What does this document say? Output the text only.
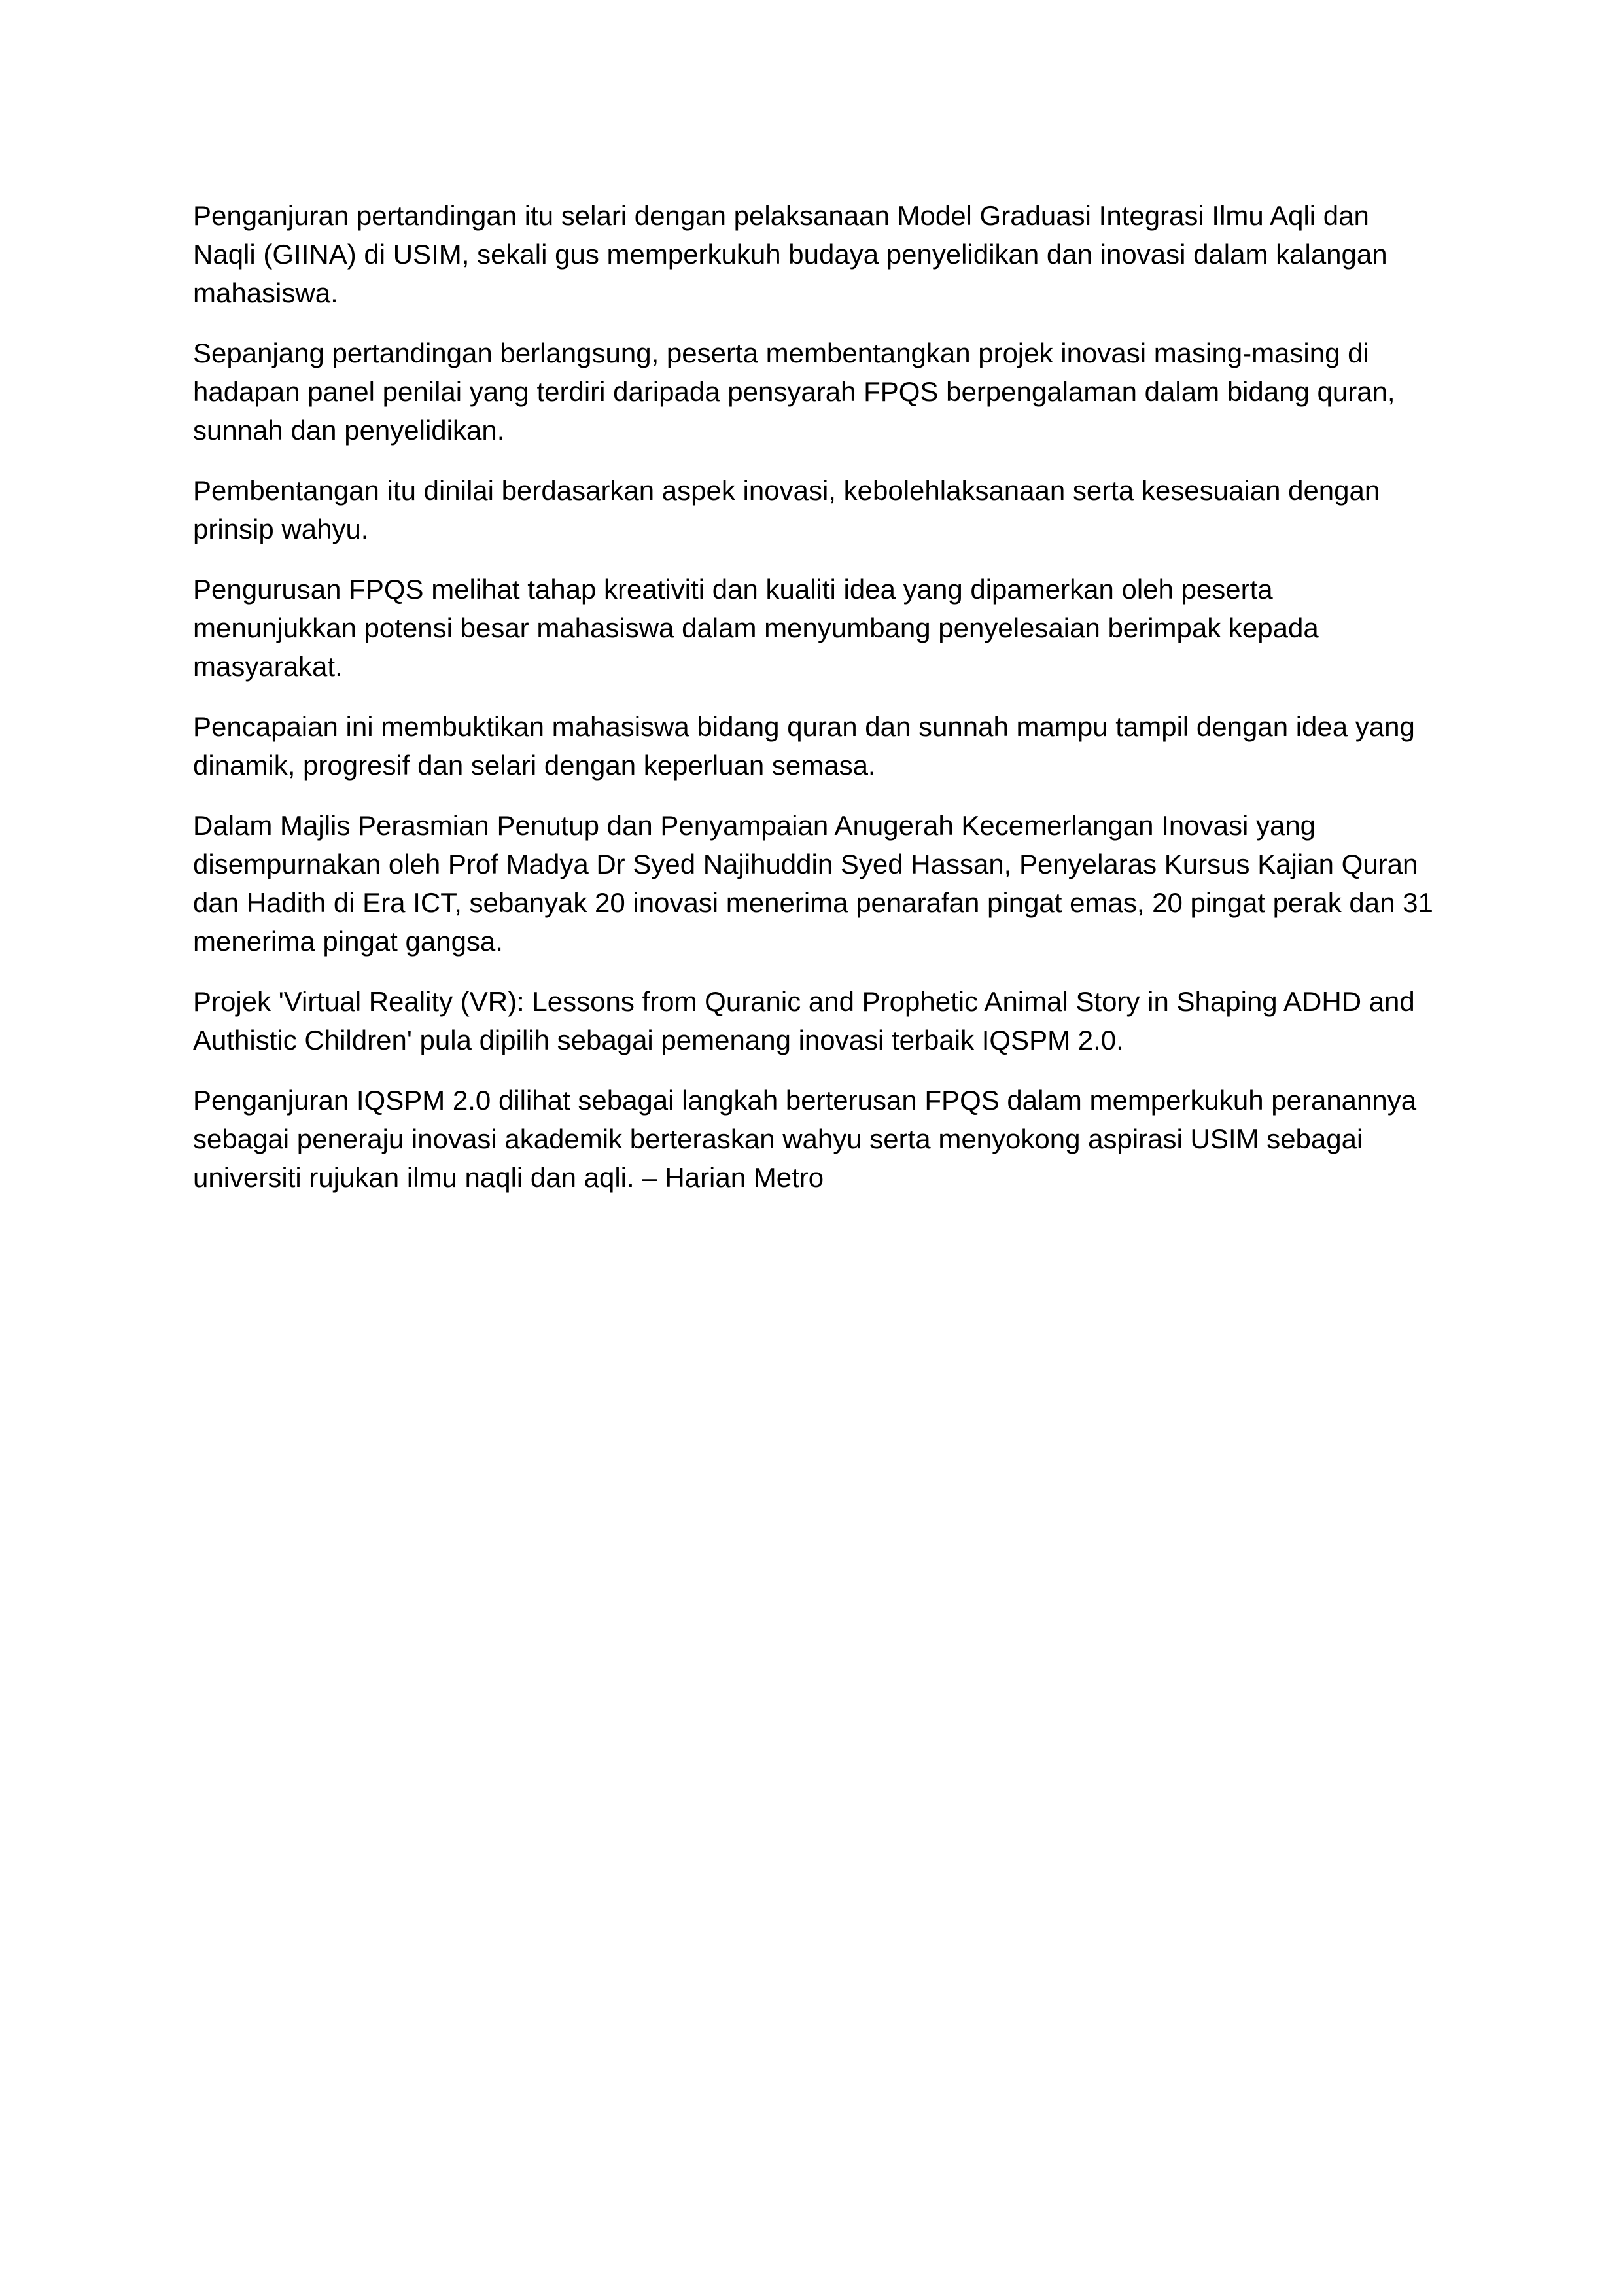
Penganjuran pertandingan itu selari dengan pelaksanaan Model Graduasi Integrasi Ilmu Aqli dan Naqli (GIINA) di USIM, sekali gus memperkukuh budaya penyelidikan dan inovasi dalam kalangan mahasiswa.

Sepanjang pertandingan berlangsung, peserta membentangkan projek inovasi masing-masing di hadapan panel penilai yang terdiri daripada pensyarah FPQS berpengalaman dalam bidang quran, sunnah dan penyelidikan.

Pembentangan itu dinilai berdasarkan aspek inovasi, kebolehlaksanaan serta kesesuaian dengan prinsip wahyu.

Pengurusan FPQS melihat tahap kreativiti dan kualiti idea yang dipamerkan oleh peserta menunjukkan potensi besar mahasiswa dalam menyumbang penyelesaian berimpak kepada masyarakat.

Pencapaian ini membuktikan mahasiswa bidang quran dan sunnah mampu tampil dengan idea yang dinamik, progresif dan selari dengan keperluan semasa.

Dalam Majlis Perasmian Penutup dan Penyampaian Anugerah Kecemerlangan Inovasi yang disempurnakan oleh Prof Madya Dr Syed Najihuddin Syed Hassan, Penyelaras Kursus Kajian Quran dan Hadith di Era ICT, sebanyak 20 inovasi menerima penarafan pingat emas, 20 pingat perak dan 31 menerima pingat gangsa.

Projek 'Virtual Reality (VR): Lessons from Quranic and Prophetic Animal Story in Shaping ADHD and Authistic Children' pula dipilih sebagai pemenang inovasi terbaik IQSPM 2.0.

Penganjuran IQSPM 2.0 dilihat sebagai langkah berterusan FPQS dalam memperkukuh peranannya sebagai peneraju inovasi akademik berteraskan wahyu serta menyokong aspirasi USIM sebagai universiti rujukan ilmu naqli dan aqli. – Harian Metro
